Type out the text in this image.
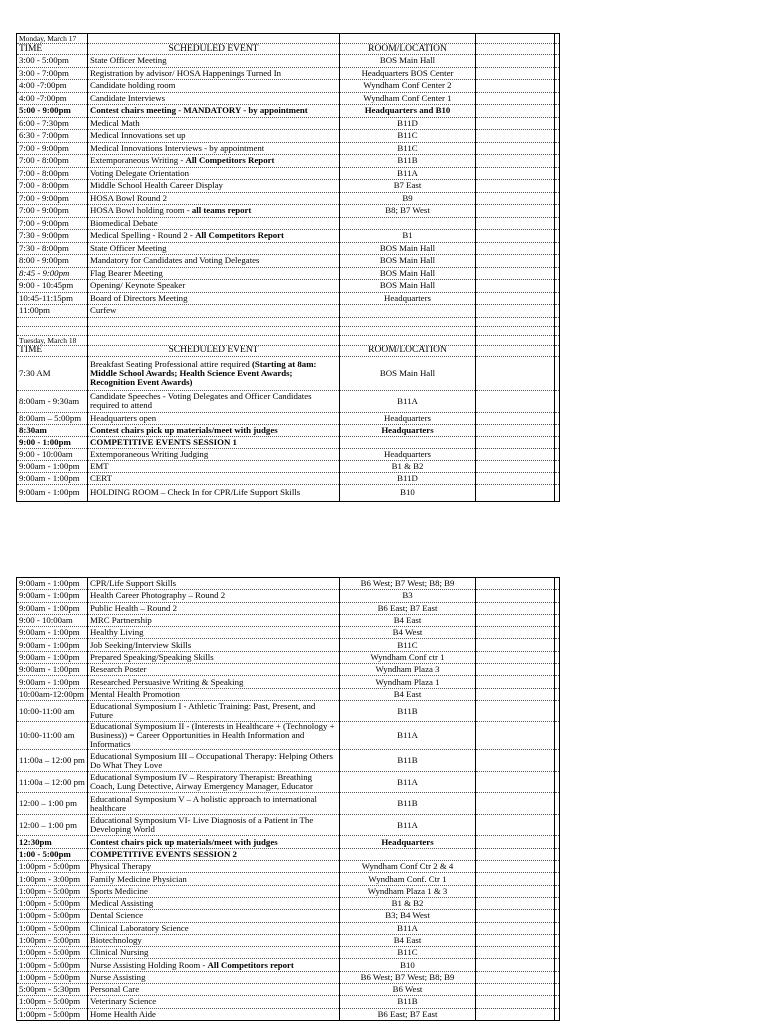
Monday, March 17				
TIME	SCHEDULED EVENT	ROOM/LOCATION		
3:00 - 5:00pm	State Officer Meeting	BOS Main Hall		
3:00 - 7:00pm	Registration by advisor/ HOSA Happenings Turned In	Headquarters BOS Center		
4:00 -7:00pm	Candidate holding room	Wyndham Conf Center 2		
4:00 -7:00pm	Candidate Interviews	Wyndham Conf Center 1		
5:00 - 9:00pm	Contest chairs meeting - MANDATORY - by appointment	Headquarters and B10		
6:00 - 7:30pm	Medical Math	B11D		
6:30 - 7:00pm	Medical Innovations set up	B11C		
7:00 - 9:00pm	Medical Innovations Interviews - by appointment	B11C		
7:00 - 8:00pm	Extemporaneous Writing - All Competitors Report	B11B		
7:00 - 8:00pm	Voting Delegate Orientation	B11A		
7:00 - 8:00pm	Middle School Health Career Display	B7 East		
7:00 - 9:00pm	HOSA Bowl Round 2	B9		
7:00 - 9:00pm	HOSA Bowl holding room - all teams report	B8; B7 West		
7:00 - 9:00pm	Biomedical Debate			
7:30 - 9:00pm	Medical Spelling - Round 2 - All Competitors Report	B1		
7:30 - 8:00pm	State Officer Meeting	BOS Main Hall		
8:00 - 9:00pm	Mandatory for Candidates and Voting Delegates	BOS Main Hall		
8:45 - 9:00pm	Flag Bearer Meeting	BOS Main Hall		
9:00 - 10:45pm	Opening/ Keynote Speaker	BOS Main Hall		
10:45-11:15pm	Board of Directors Meeting	Headquarters		
11:00pm	Curfew			

Tuesday, March 18				
TIME	SCHEDULED EVENT	ROOM/LOCATION		
7:30 AM	Breakfast Seating Professional attire required (Starting at 8am: Middle School Awards; Health Science Event Awards; Recognition Event Awards)	BOS Main Hall		
8:00am - 9:30am	Candidate Speeches - Voting Delegates and Officer Candidates required to attend	B11A		
8:00am – 5:00pm	Headquarters open	Headquarters		
8:30am	Contest chairs pick up materials/meet with judges	Headquarters		
9:00 - 1:00pm	COMPETITIVE EVENTS SESSION 1			
9:00 - 10:00am	Extemporaneous Writing Judging	Headquarters		
9:00am - 1:00pm	EMT	B1 & B2		
9:00am - 1:00pm	CERT	B11D		
9:00am - 1:00pm	HOLDING ROOM – Check In for CPR/Life Support Skills	B10		
9:00am - 1:00pm	CPR/Life Support Skills	B6 West; B7 West; B8; B9		
9:00am - 1:00pm	Health Career Photography – Round 2	B3		
9:00am - 1:00pm	Public Health – Round 2	B6 East; B7 East		
9:00 - 10:00am	MRC Partnership	B4 East		
9:00am - 1:00pm	Healthy Living	B4 West		
9:00am - 1:00pm	Job Seeking/Interview Skills	B11C		
9:00am - 1:00pm	Prepared Speaking/Speaking Skills	Wyndham Conf ctr 1		
9:00am - 1:00pm	Research Poster	Wyndham Plaza 3		
9:00am - 1:00pm	Researched Persuasive Writing & Speaking	Wyndham Plaza 1		
10:00am-12:00pm	Mental Health Promotion	B4 East		
10:00-11:00 am	Educational Symposium I - Athletic Training: Past, Present, and Future	B11B		
10:00-11:00 am	Educational Symposium II - (Interests in Healthcare + (Technology + Business)) = Career Opportunities in Health Information and Informatics	B11A		
11:00a – 12:00 pm	Educational Symposium III – Occupational Therapy: Helping Others Do What They Love	B11B		
11:00a – 12:00 pm	Educational Symposium IV – Respiratory Therapist: Breathing Coach, Lung Detective, Airway Emergency Manager, Educator	B11A		
12:00 – 1:00 pm	Educational Symposium V – A holistic approach to international healthcare	B11B		
12:00 – 1:00 pm	Educational Symposium VI- Live Diagnosis of a Patient in The Developing World	B11A		
12:30pm	Contest chairs pick up materials/meet with judges	Headquarters		
1:00 - 5:00pm	COMPETITIVE EVENTS SESSION 2			
1:00pm - 5:00pm	Physical Therapy	Wyndham Conf Ctr 2 & 4		
1:00pm - 3:00pm	Family Medicine Physician	Wyndham Conf. Ctr 1		
1:00pm - 5:00pm	Sports Medicine	Wyndham Plaza 1 & 3		
1:00pm - 5:00pm	Medical Assisting	B1 & B2		
1:00pm - 5:00pm	Dental Science	B3; B4 West		
1:00pm - 5:00pm	Clinical Laboratory Science	B11A		
1:00pm - 5:00pm	Biotechnology	B4 East		
1:00pm - 5:00pm	Clinical Nursing	B11C		
1:00pm - 5:00pm	Nurse Assisting Holding Room - All Competitors report	B10		
1:00pm - 5:00pm	Nurse Assisting	B6 West; B7 West; B8; B9		
5:00pm - 5:30pm	Personal Care	B6 West		
1:00pm - 5:00pm	Veterinary Science	B11B		
1:00pm - 5:00pm	Home Health Aide	B6 East; B7 East		
